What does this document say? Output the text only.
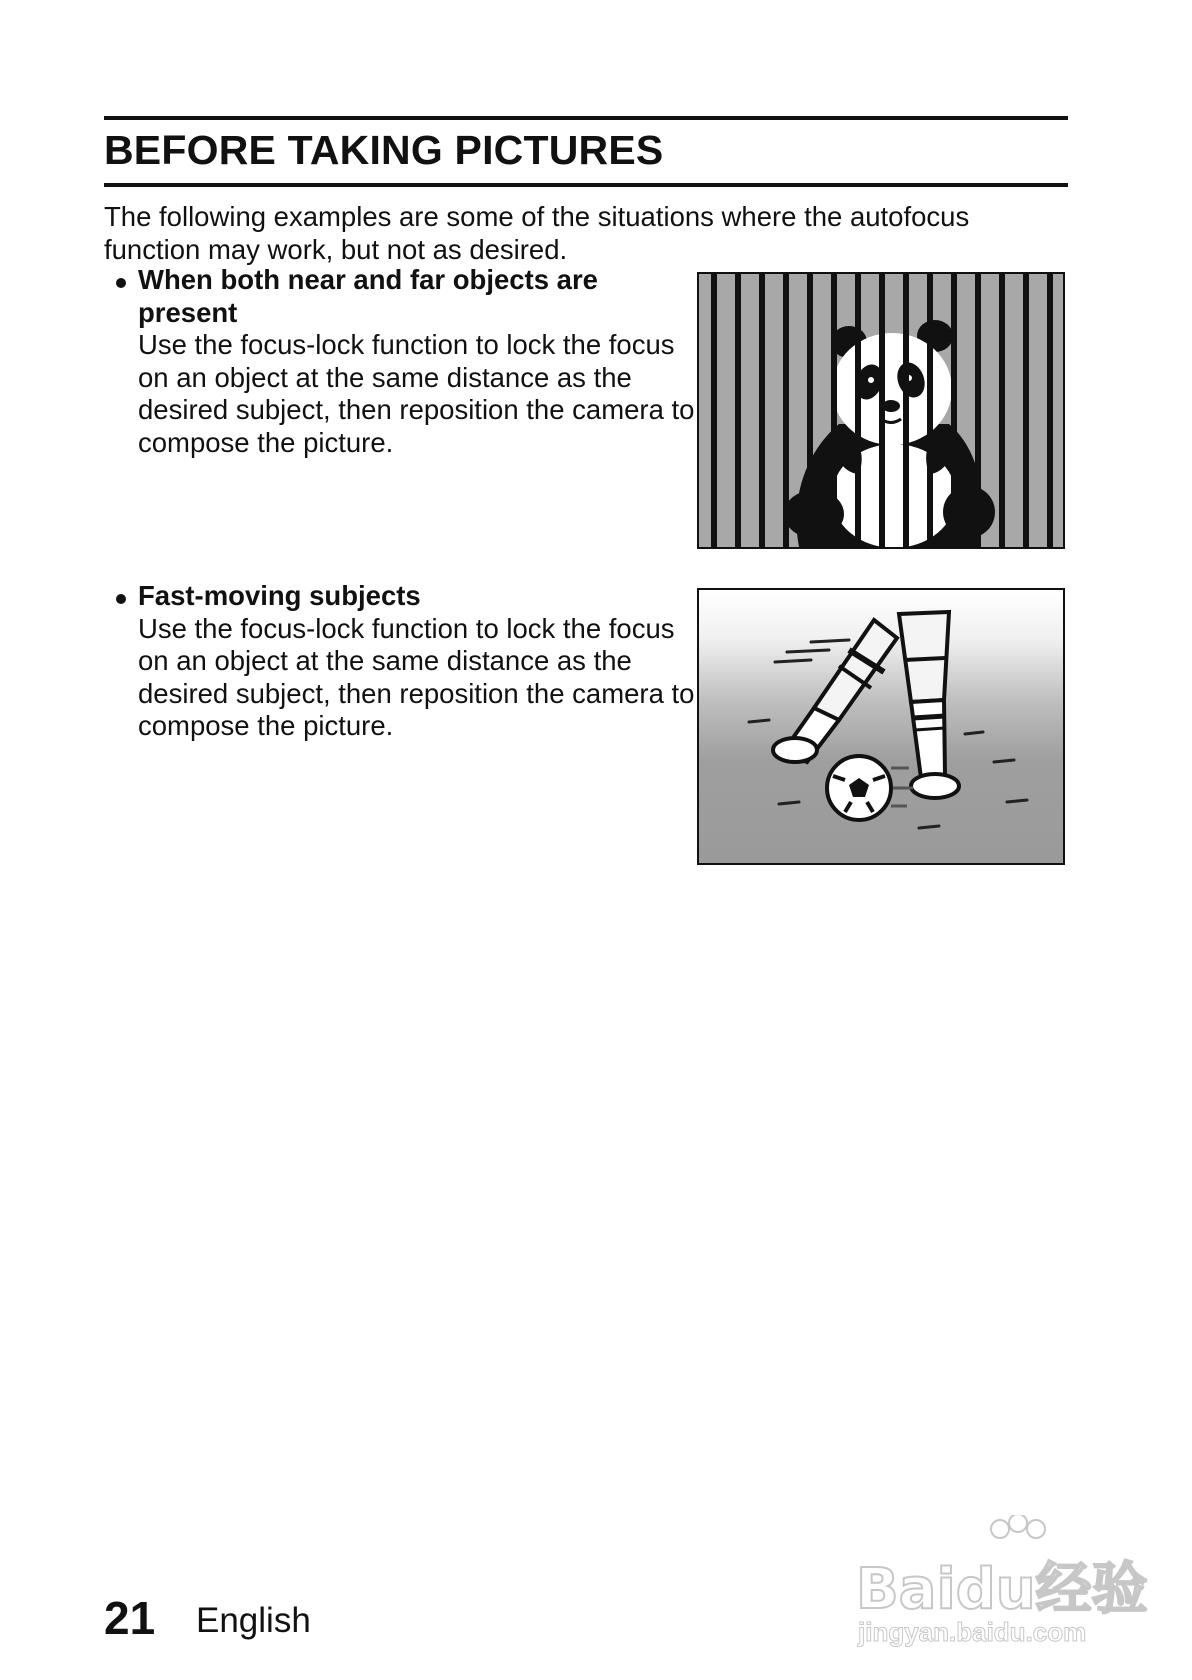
BEFORE TAKING PICTURES

The following examples are some of the situations where the autofocus function may work, but not as desired.

When both near and far objects are present

Use the focus-lock function to lock the focus on an object at the same distance as the desired subject, then reposition the camera to compose the picture.

Fast-moving subjects

Use the focus-lock function to lock the focus on an object at the same distance as the desired subject, then reposition the camera to compose the picture.

21 English	Baidu经验

jingyan.baidu.com
